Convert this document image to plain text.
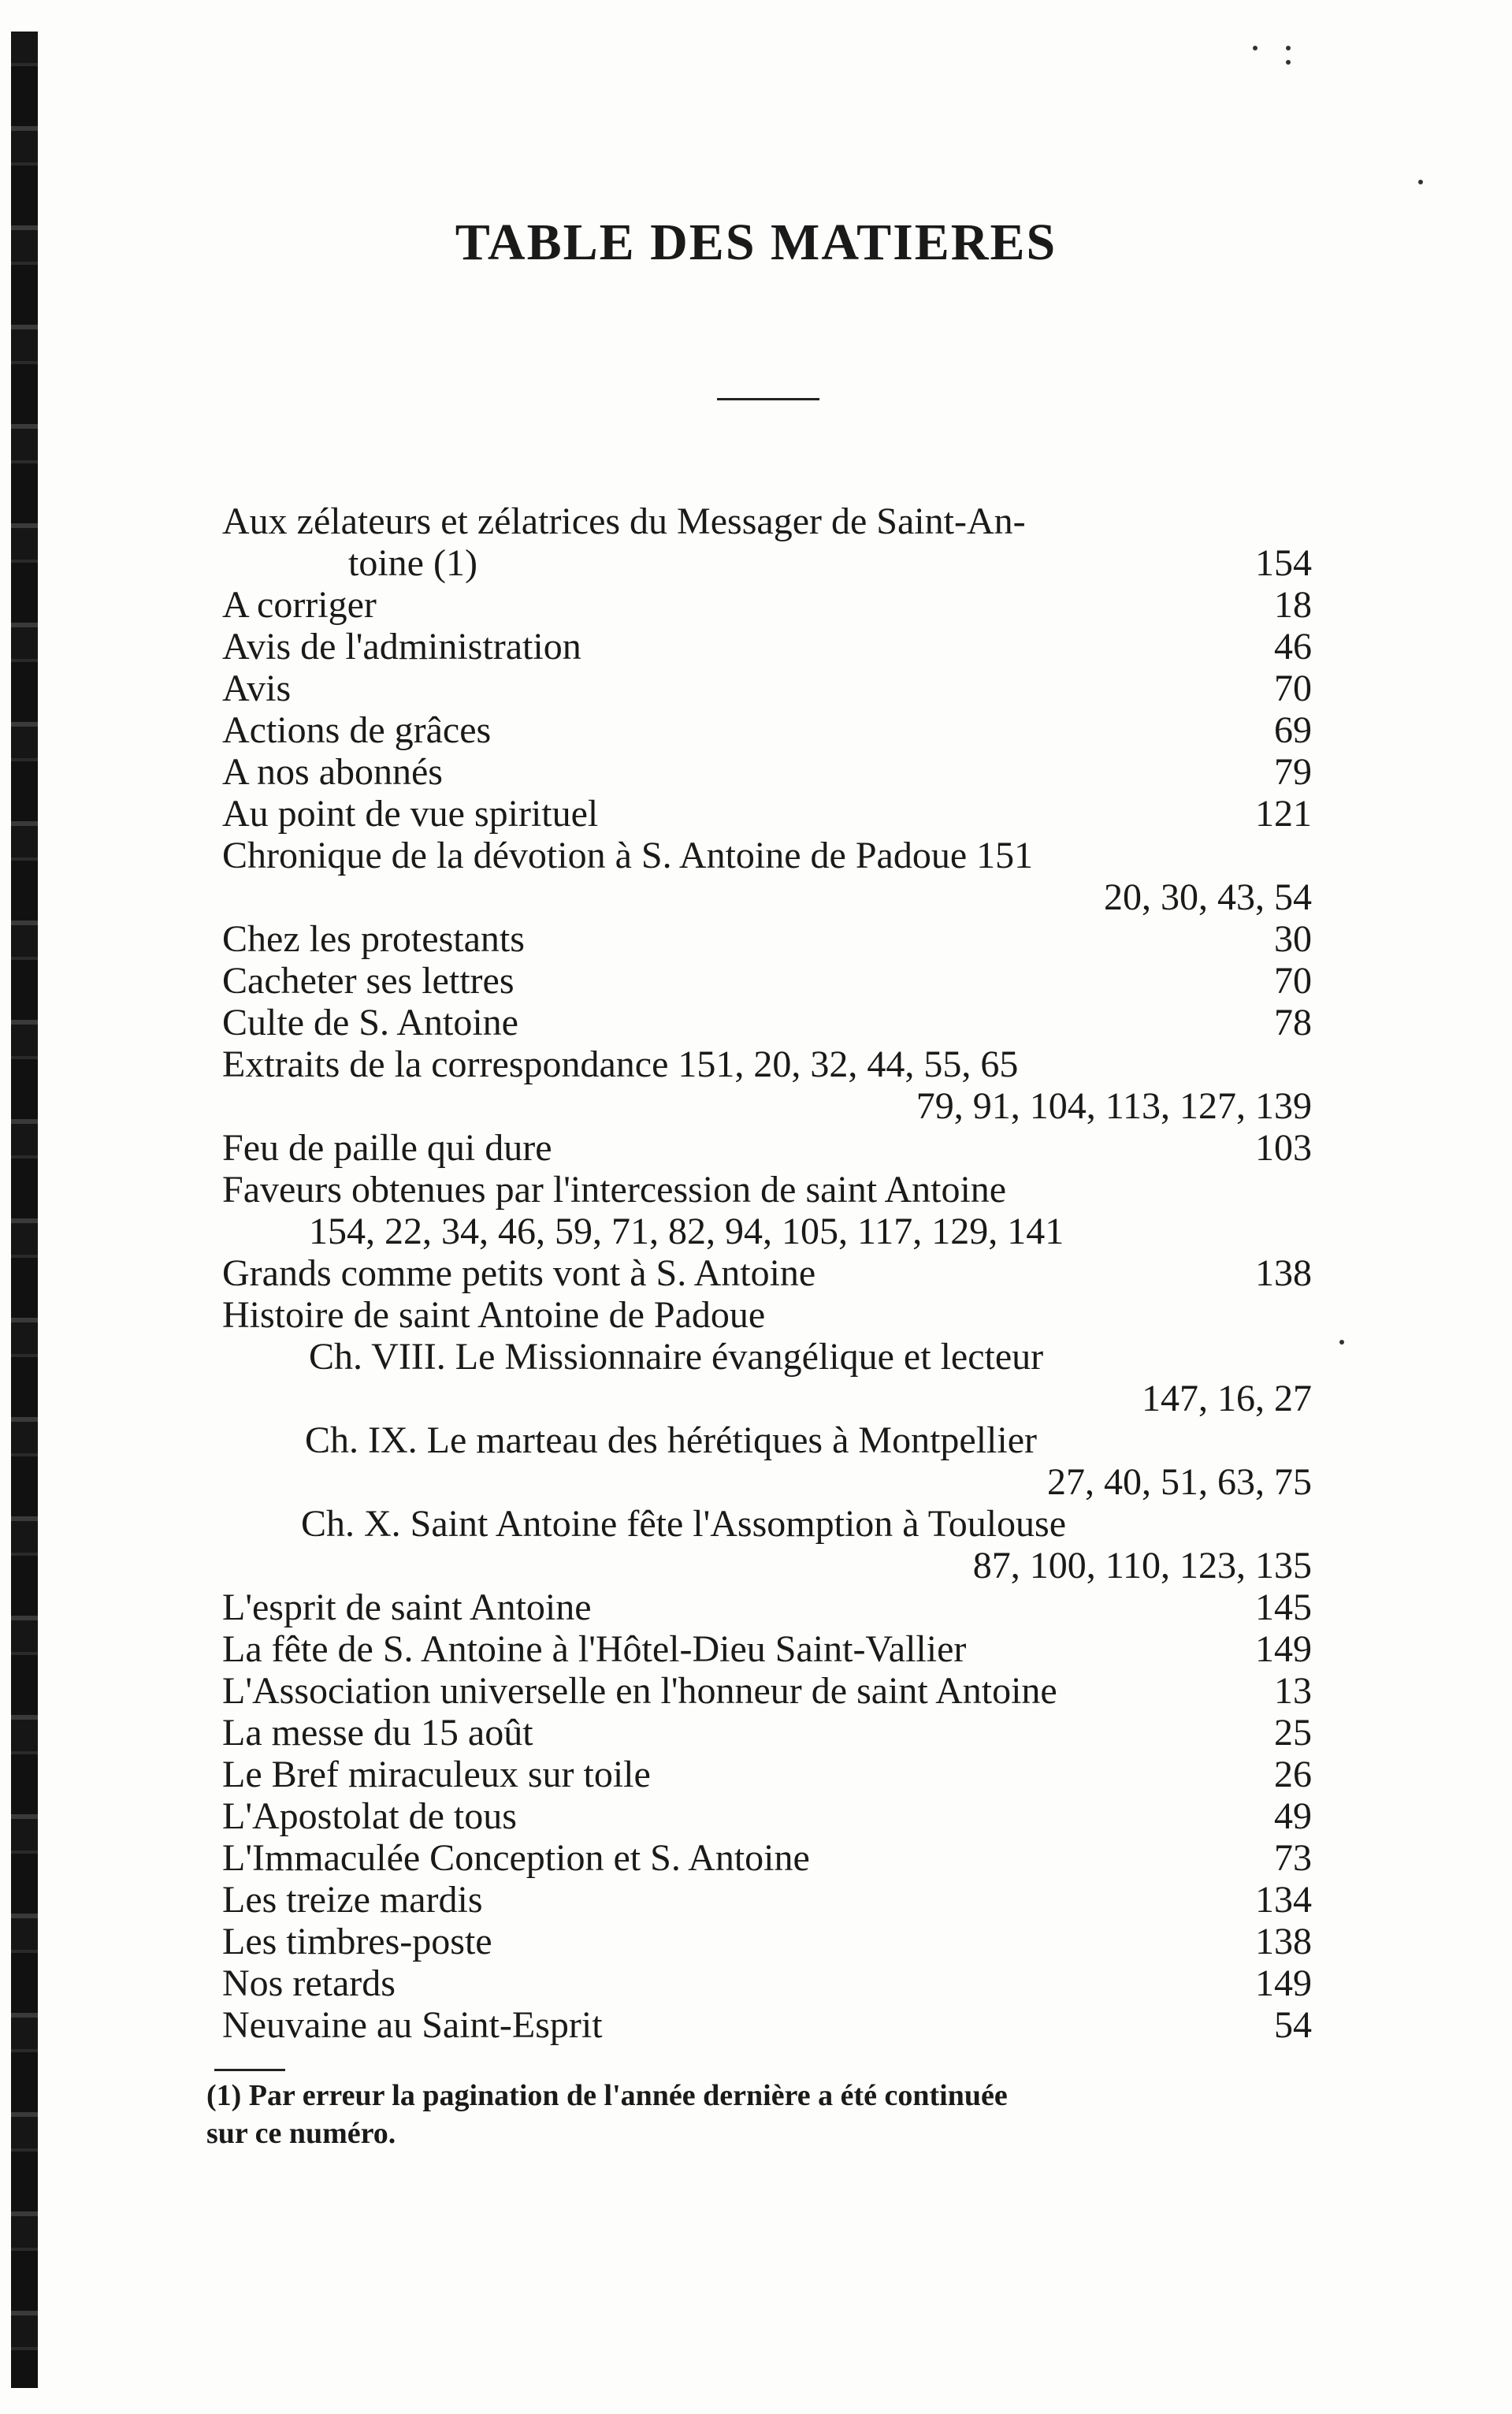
TABLE DES MATIERES
Aux zélateurs et zélatrices du Messager de Saint-An-
toine (1)	154
A corriger	18
Avis de l'administration	46
Avis	70
Actions de grâces	69
A nos abonnés	79
Au point de vue spirituel	121
Chronique de la dévotion à S. Antoine de Padoue 151
20, 30, 43, 54
Chez les protestants	30
Cacheter ses lettres	70
Culte de S. Antoine	78
Extraits de la correspondance 151, 20, 32, 44, 55, 65
79, 91, 104, 113, 127, 139
Feu de paille qui dure	103
Faveurs obtenues par l'intercession de saint Antoine
154, 22, 34, 46, 59, 71, 82, 94, 105, 117, 129, 141
Grands comme petits vont à S. Antoine	138
Histoire de saint Antoine de Padoue
Ch. VIII. Le Missionnaire évangélique et lecteur
147, 16, 27
Ch. IX. Le marteau des hérétiques à Montpellier
27, 40, 51, 63, 75
Ch. X. Saint Antoine fête l'Assomption à Toulouse
87, 100, 110, 123, 135
L'esprit de saint Antoine	145
La fête de S. Antoine à l'Hôtel-Dieu Saint-Vallier	149
L'Association universelle en l'honneur de saint Antoine	13
La messe du 15 août	25
Le Bref miraculeux sur toile	26
L'Apostolat de tous	49
L'Immaculée Conception et S. Antoine	73
Les treize mardis	134
Les timbres-poste	138
Nos retards	149
Neuvaine au Saint-Esprit	54
(1) Par erreur la pagination de l'année dernière a été continuée
sur ce numéro.
